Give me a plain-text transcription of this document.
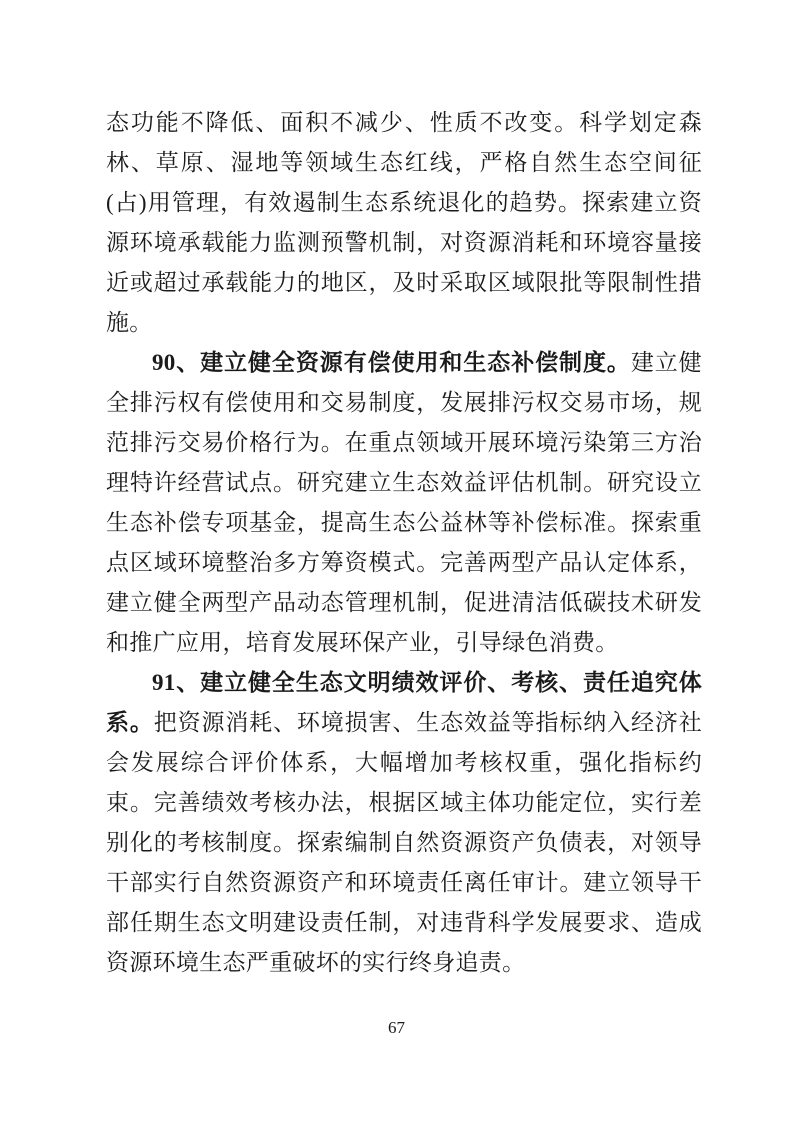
态功能不降低、面积不减少、性质不改变。科学划定森林、草原、湿地等领域生态红线，严格自然生态空间征(占)用管理，有效遏制生态系统退化的趋势。探索建立资源环境承载能力监测预警机制，对资源消耗和环境容量接近或超过承载能力的地区，及时采取区域限批等限制性措施。

90、建立健全资源有偿使用和生态补偿制度。建立健全排污权有偿使用和交易制度，发展排污权交易市场，规范排污交易价格行为。在重点领域开展环境污染第三方治理特许经营试点。研究建立生态效益评估机制。研究设立生态补偿专项基金，提高生态公益林等补偿标准。探索重点区域环境整治多方筹资模式。完善两型产品认定体系，建立健全两型产品动态管理机制，促进清洁低碳技术研发和推广应用，培育发展环保产业，引导绿色消费。

91、建立健全生态文明绩效评价、考核、责任追究体系。把资源消耗、环境损害、生态效益等指标纳入经济社会发展综合评价体系，大幅增加考核权重，强化指标约束。完善绩效考核办法，根据区域主体功能定位，实行差别化的考核制度。探索编制自然资源资产负债表，对领导干部实行自然资源资产和环境责任离任审计。建立领导干部任期生态文明建设责任制，对违背科学发展要求、造成资源环境生态严重破坏的实行终身追责。

67
